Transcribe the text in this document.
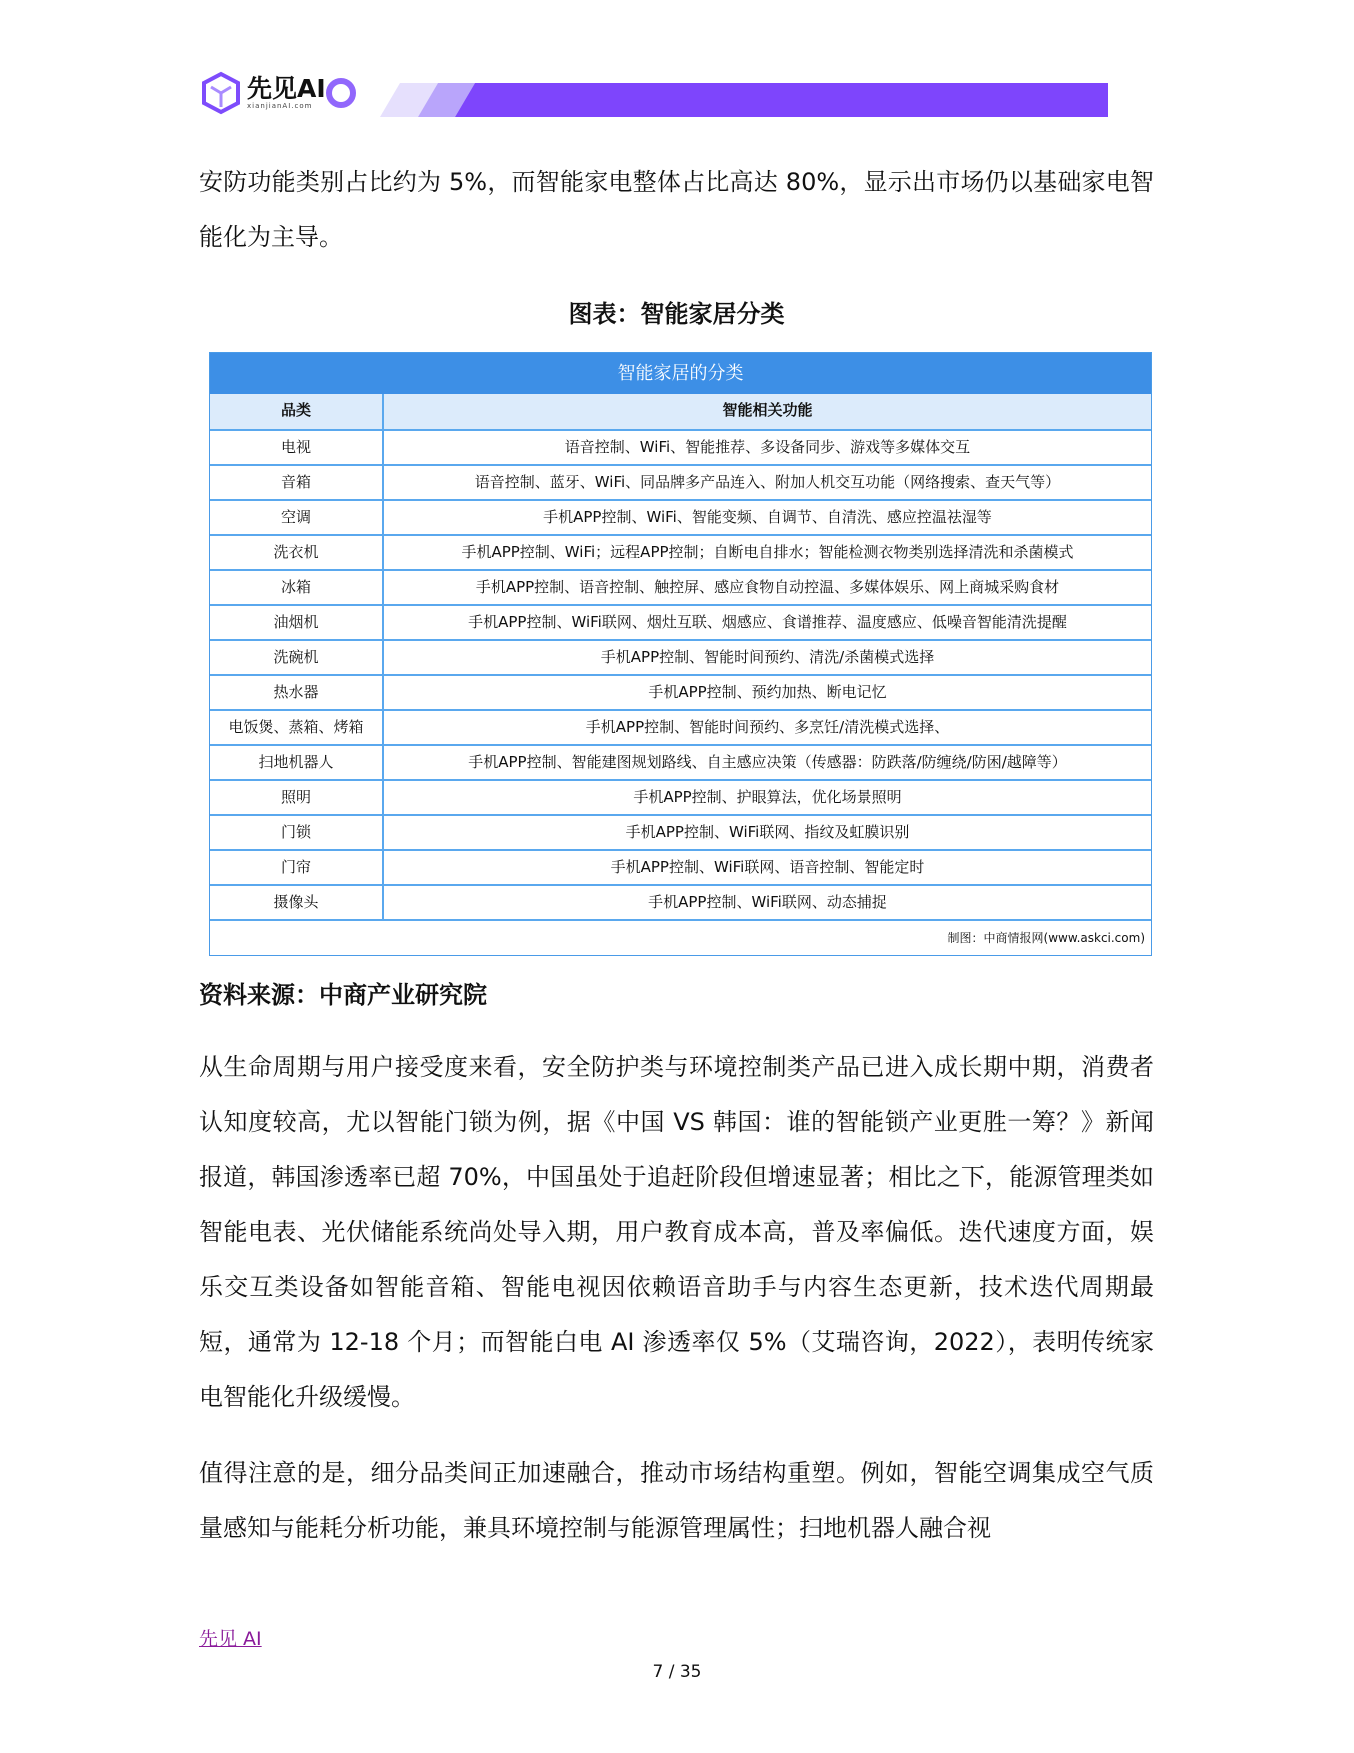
先见AI
xianjianAI.com

安防功能类别占比约为 5%，而智能家电整体占比高达 80%，显示出市场仍以基础家电智能化为主导。

图表：智能家居分类
智能家居的分类
品类	智能相关功能
电视	语音控制、WiFi、智能推荐、多设备同步、游戏等多媒体交互
音箱	语音控制、蓝牙、WiFi、同品牌多产品连入、附加人机交互功能（网络搜索、查天气等）
空调	手机APP控制、WiFi、智能变频、自调节、自清洗、感应控温祛湿等
洗衣机	手机APP控制、WiFi；远程APP控制；自断电自排水；智能检测衣物类别选择清洗和杀菌模式
冰箱	手机APP控制、语音控制、触控屏、感应食物自动控温、多媒体娱乐、网上商城采购食材
油烟机	手机APP控制、WiFi联网、烟灶互联、烟感应、食谱推荐、温度感应、低噪音智能清洗提醒
洗碗机	手机APP控制、智能时间预约、清洗/杀菌模式选择
热水器	手机APP控制、预约加热、断电记忆
电饭煲、蒸箱、烤箱	手机APP控制、智能时间预约、多烹饪/清洗模式选择、
扫地机器人	手机APP控制、智能建图规划路线、自主感应决策（传感器：防跌落/防缠绕/防困/越障等）
照明	手机APP控制、护眼算法，优化场景照明
门锁	手机APP控制、WiFi联网、指纹及虹膜识别
门帘	手机APP控制、WiFi联网、语音控制、智能定时
摄像头	手机APP控制、WiFi联网、动态捕捉
制图：中商情报网(www.askci.com)
资料来源：中商产业研究院

从生命周期与用户接受度来看，安全防护类与环境控制类产品已进入成长期中期，消费者认知度较高，尤以智能门锁为例，据《中国 VS 韩国：谁的智能锁产业更胜一筹？》新闻报道，韩国渗透率已超 70%，中国虽处于追赶阶段但增速显著；相比之下，能源管理类如智能电表、光伏储能系统尚处导入期，用户教育成本高，普及率偏低。迭代速度方面，娱乐交互类设备如智能音箱、智能电视因依赖语音助手与内容生态更新，技术迭代周期最短，通常为 12-18 个月；而智能白电 AI 渗透率仅 5%（艾瑞咨询，2022），表明传统家电智能化升级缓慢。

值得注意的是，细分品类间正加速融合，推动市场结构重塑。例如，智能空调集成空气质量感知与能耗分析功能，兼具环境控制与能源管理属性；扫地机器人融合视

先见 AI
7 / 35
